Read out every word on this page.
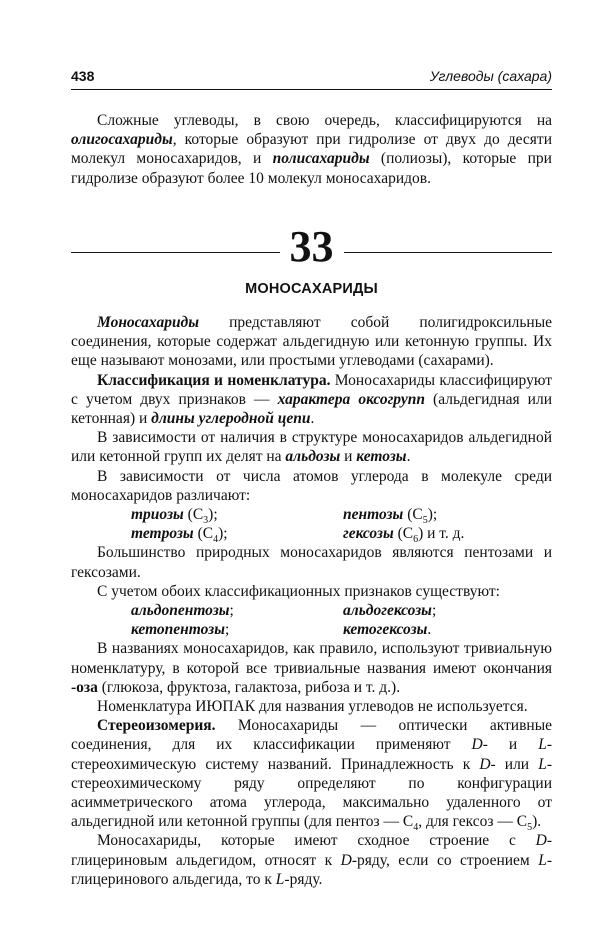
438	Углеводы (сахара)

Сложные углеводы, в свою очередь, классифицируются на олигосахариды, которые образуют при гидролизе от двух до десяти молекул моносахаридов, и полисахариды (полиозы), которые при гидролизе образуют более 10 молекул моносахаридов.

33
МОНОСАХАРИДЫ

Моносахариды представляют собой полигидроксильные соединения, которые содержат альдегидную или кетонную группы. Их еще называют монозами, или простыми углеводами (сахарами).

Классификация и номенклатура. Моносахариды классифицируют с учетом двух признаков — характера оксогрупп (альдегидная или кетонная) и длины углеродной цепи.

В зависимости от наличия в структуре моносахаридов альдегидной или кетонной групп их делят на альдозы и кетозы.

В зависимости от числа атомов углерода в молекуле среди моносахаридов различают:

триозы $(C_3)$;	пентозы $(C_5)$;
тетрозы $(C_4)$;	гексозы $(C_6)$ и т. д.

Большинство природных моносахаридов являются пентозами и гексозами.

С учетом обоих классификационных признаков существуют:

альдопентозы;	альдогексозы;
кетопентозы;	кетогексозы.

В названиях моносахаридов, как правило, используют тривиальную номенклатуру, в которой все тривиальные названия имеют окончания -оза (глюкоза, фруктоза, галактоза, рибоза и т. д.).

Номенклатура ИЮПАК для названия углеводов не используется.

Стереоизомерия. Моносахариды — оптически активные соединения, для их классификации применяют D- и L-стереохимическую систему названий. Принадлежность к D- или L-стереохимическому ряду определяют по конфигурации асимметрического атома углерода, максимально удаленного от альдегидной или кетонной группы (для пентоз — $C_4$, для гексоз — $C_5$).

Моносахариды, которые имеют сходное строение с D-глицериновым альдегидом, относят к D-ряду, если со строением L-глицеринового альдегида, то к L-ряду.
